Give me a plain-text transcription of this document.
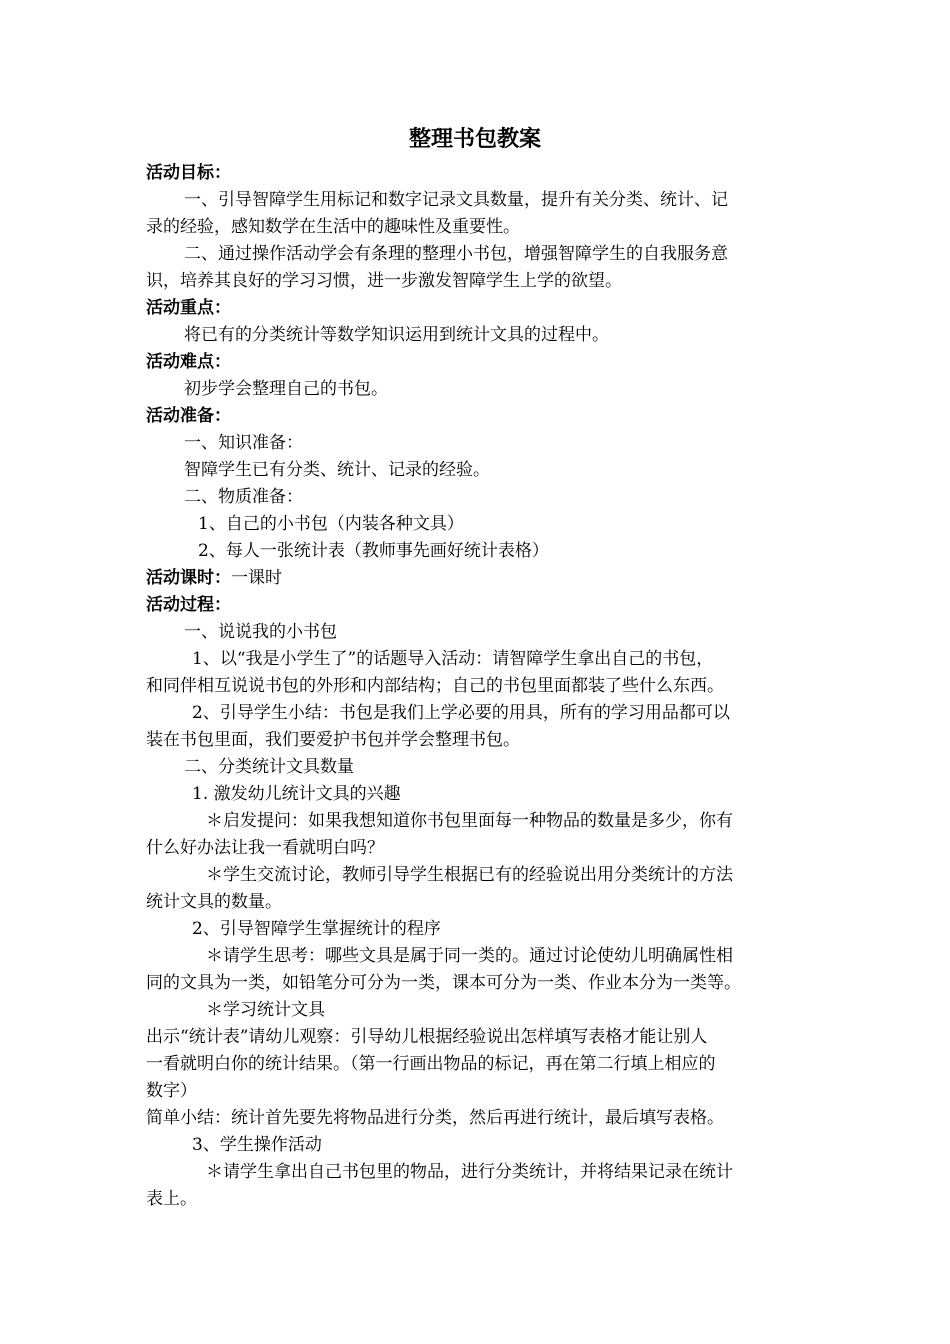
整理书包教案

活动目标：

一、引导智障学生用标记和数字记录文具数量，提升有关分类、统计、记

录的经验，感知数学在生活中的趣味性及重要性。

二、通过操作活动学会有条理的整理小书包，增强智障学生的自我服务意

识，培养其良好的学习习惯，进一步激发智障学生上学的欲望。

活动重点：

将已有的分类统计等数学知识运用到统计文具的过程中。

活动难点：

初步学会整理自己的书包。

活动准备：

一、知识准备：

智障学生已有分类、统计、记录的经验。

二、物质准备：

1、自己的小书包（内装各种文具）

2、每人一张统计表（教师事先画好统计表格）

活动课时：一课时

活动过程：

一、说说我的小书包

1、以“我是小学生了”的话题导入活动：请智障学生拿出自己的书包，

和同伴相互说说书包的外形和内部结构；自己的书包里面都装了些什么东西。

2、引导学生小结：书包是我们上学必要的用具，所有的学习用品都可以

装在书包里面，我们要爱护书包并学会整理书包。

二、分类统计文具数量

1. 激发幼儿统计文具的兴趣

＊启发提问：如果我想知道你书包里面每一种物品的数量是多少，你有

什么好办法让我一看就明白吗？

＊学生交流讨论，教师引导学生根据已有的经验说出用分类统计的方法

统计文具的数量。

2、引导智障学生掌握统计的程序

＊请学生思考：哪些文具是属于同一类的。通过讨论使幼儿明确属性相

同的文具为一类，如铅笔分可分为一类，课本可分为一类、作业本分为一类等。

＊学习统计文具

出示“统计表”请幼儿观察：引导幼儿根据经验说出怎样填写表格才能让别人

一看就明白你的统计结果。（第一行画出物品的标记，再在第二行填上相应的

数字）

简单小结：统计首先要先将物品进行分类，然后再进行统计，最后填写表格。

3、学生操作活动

＊请学生拿出自己书包里的物品，进行分类统计，并将结果记录在统计

表上。
